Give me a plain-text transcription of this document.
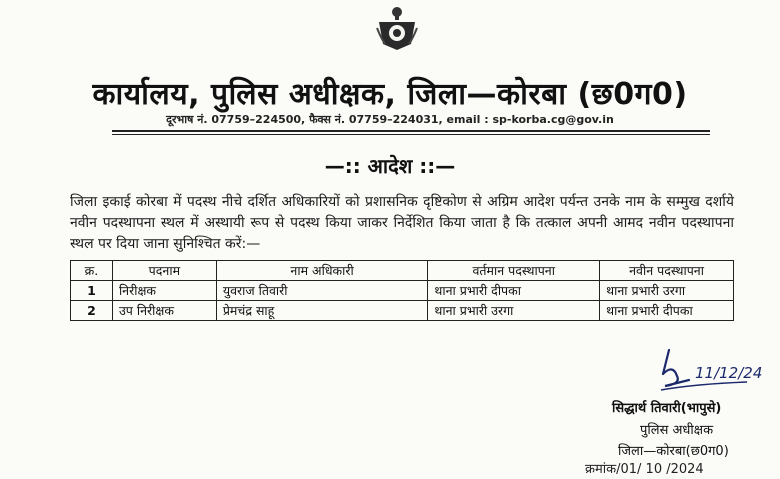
कार्यालय, पुलिस अधीक्षक, जिला—कोरबा (छ0ग0)
दूरभाष नं. 07759–224500, फैक्स नं. 07759–224031, email : sp-korba.cg@gov.in
—:: आदेश ::—
जिला इकाई कोरबा में पदस्थ नीचे दर्शित अधिकारियों को प्रशासनिक दृष्टिकोण से अग्रिम आदेश पर्यन्त उनके नाम के सम्मुख दर्शाये नवीन पदस्थापना स्थल में अस्थायी रूप से पदस्थ किया जाकर निर्देशित किया जाता है कि तत्काल अपनी आमद नवीन पदस्थापना स्थल पर दिया जाना सुनिश्चित करें:—
क्र.	पदनाम	नाम अधिकारी	वर्तमान पदस्थापना	नवीन पदस्थापना
1	निरीक्षक	युवराज तिवारी	थाना प्रभारी दीपका	थाना प्रभारी उरगा
2	उप निरीक्षक	प्रेमचंद्र साहू	थाना प्रभारी उरगा	थाना प्रभारी दीपका
11/12/24
सिद्धार्थ तिवारी(भापुसे)
पुलिस अधीक्षक
जिला—कोरबा(छ0ग0)
क्रमांक/01/ 10 /2024
